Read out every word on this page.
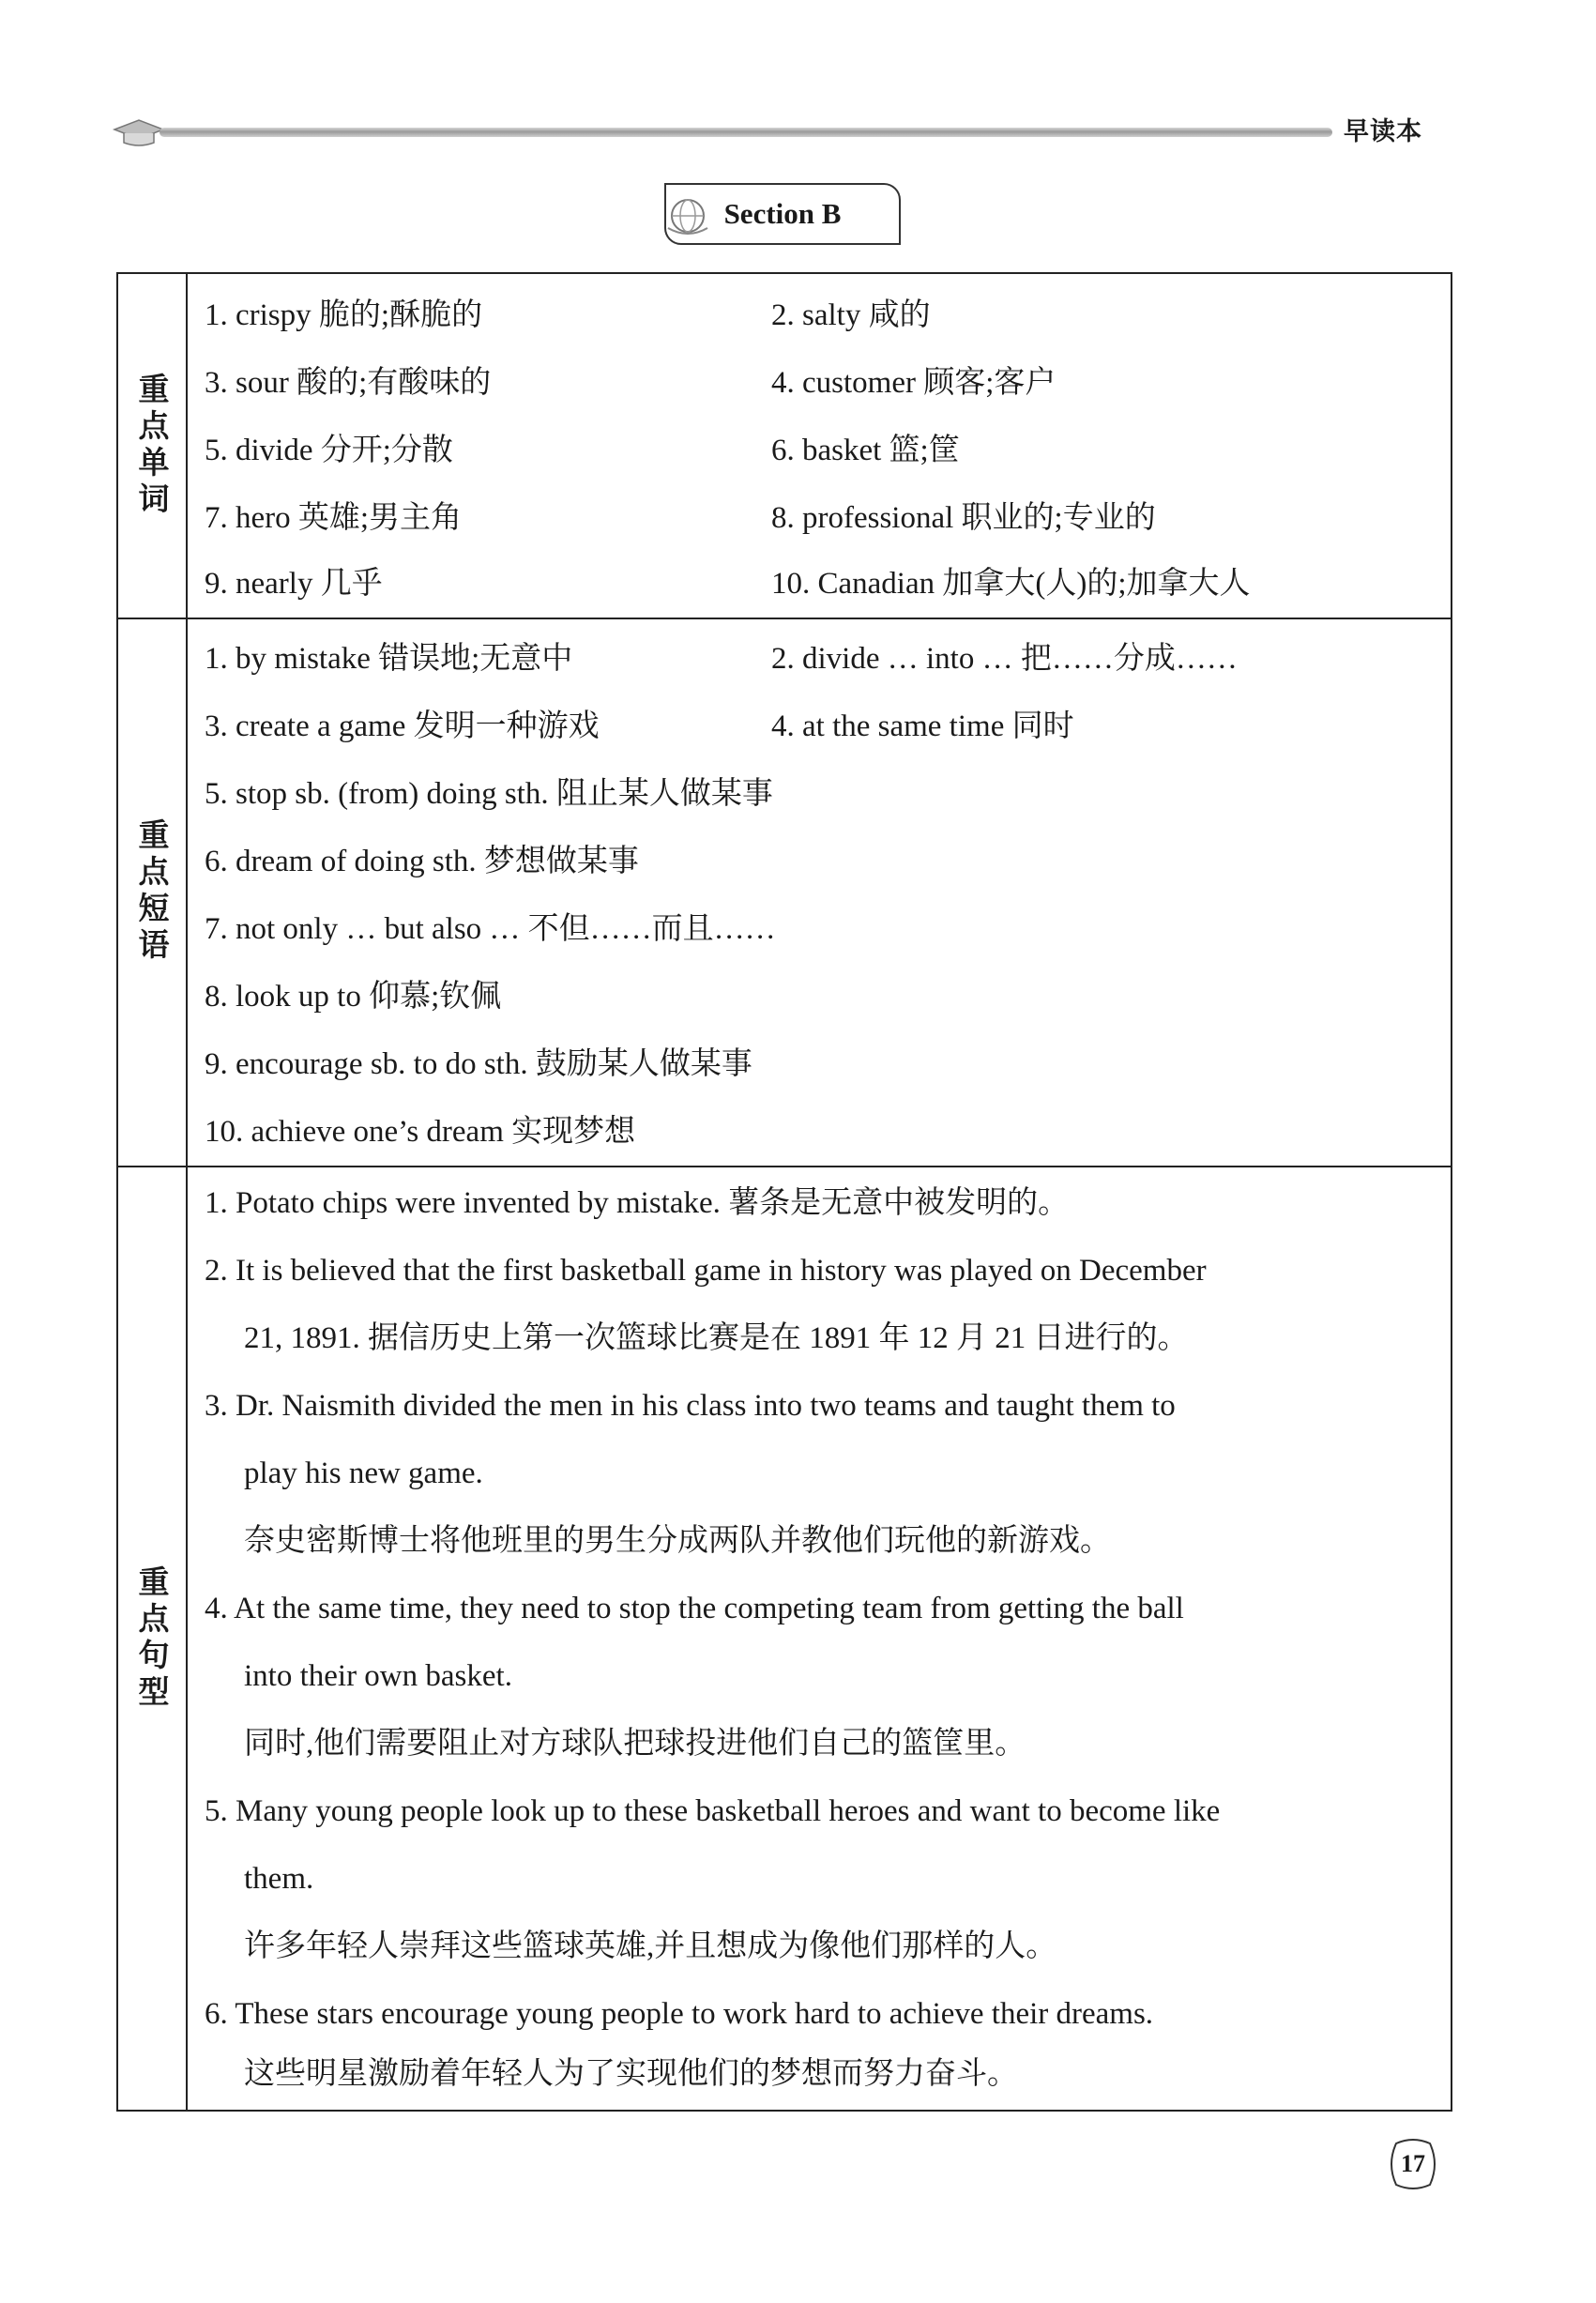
早读本
Section B
重点单词
1. crispy 脆的;酥脆的	2. salty 咸的
3. sour 酸的;有酸味的	4. customer 顾客;客户
5. divide 分开;分散	6. basket 篮;筐
7. hero 英雄;男主角	8. professional 职业的;专业的
9. nearly 几乎	10. Canadian 加拿大(人)的;加拿大人
重点短语
1. by mistake 错误地;无意中	2. divide … into … 把……分成……
3. create a game 发明一种游戏	4. at the same time 同时
5. stop sb. (from) doing sth. 阻止某人做某事
6. dream of doing sth. 梦想做某事
7. not only … but also … 不但……而且……
8. look up to 仰慕;钦佩
9. encourage sb. to do sth. 鼓励某人做某事
10. achieve one’s dream 实现梦想
重点句型
1. Potato chips were invented by mistake. 薯条是无意中被发明的。
2. It is believed that the first basketball game in history was played on December
21, 1891. 据信历史上第一次篮球比赛是在 1891 年 12 月 21 日进行的。
3. Dr. Naismith divided the men in his class into two teams and taught them to
play his new game.
奈史密斯博士将他班里的男生分成两队并教他们玩他的新游戏。
4. At the same time, they need to stop the competing team from getting the ball
into their own basket.
同时,他们需要阻止对方球队把球投进他们自己的篮筐里。
5. Many young people look up to these basketball heroes and want to become like
them.
许多年轻人崇拜这些篮球英雄,并且想成为像他们那样的人。
6. These stars encourage young people to work hard to achieve their dreams.
这些明星激励着年轻人为了实现他们的梦想而努力奋斗。
17
